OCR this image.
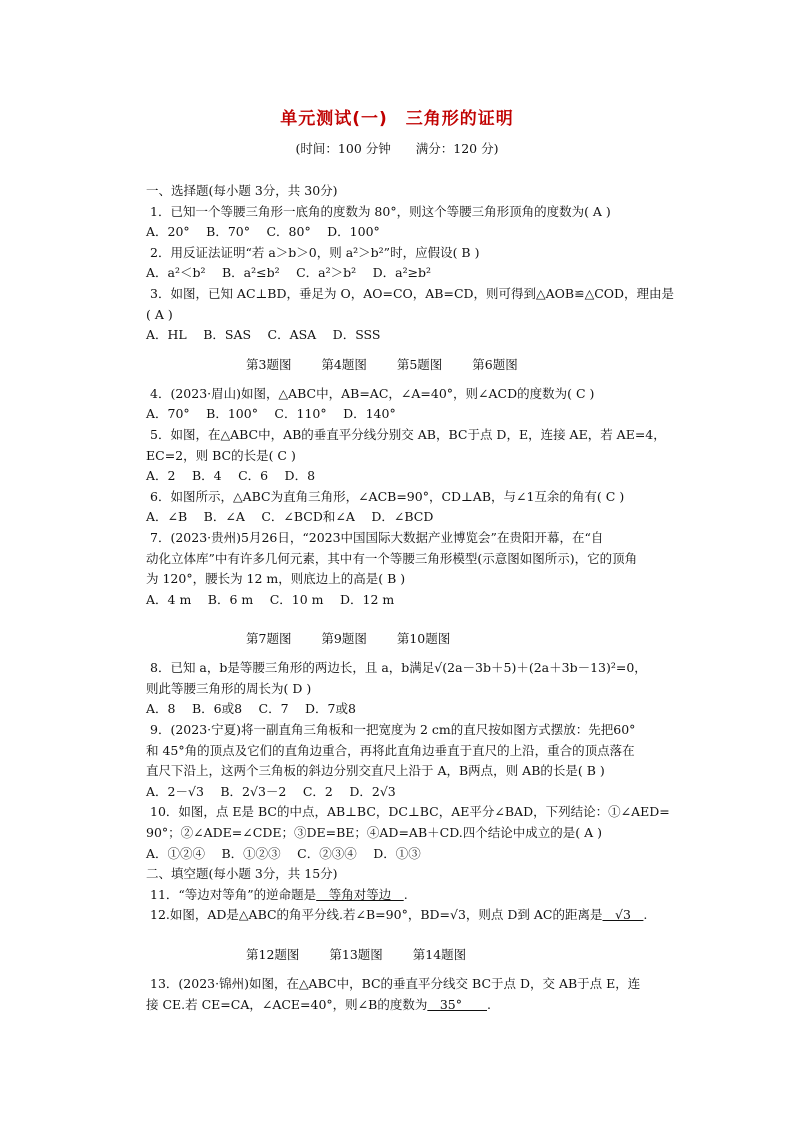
单元测试(一)　三角形的证明
(时间：100 分钟　　满分：120 分)
一、选择题(每小题 3分，共 30分)
1．已知一个等腰三角形一底角的度数为 80°，则这个等腰三角形顶角的度数为( A )
A．20°　 B．70°　 C．80°　 D．100°
2．用反证法证明“若 a＞b＞0，则 a²＞b²”时，应假设( B )
A．a²＜b²　 B．a²≤b²　 C．a²＞b²　 D．a²≥b²
3．如图，已知 AC⊥BD，垂足为 O，AO=CO，AB=CD，则可得到△AOB≌△COD，理由是
( A )
A．HL　 B．SAS　 C．ASA　 D．SSS
第3题图 第4题图 第5题图 第6题图
4．(2023·眉山)如图，△ABC中，AB=AC，∠A=40°，则∠ACD的度数为( C )
A．70°　 B．100°　 C．110°　 D．140°
5．如图，在△ABC中，AB的垂直平分线分别交 AB，BC于点 D，E，连接 AE，若 AE=4，
EC=2，则 BC的长是( C )
A．2　 B．4　 C．6　 D．8
6．如图所示，△ABC为直角三角形，∠ACB=90°，CD⊥AB，与∠1互余的角有( C )
A．∠B　 B．∠A　 C．∠BCD和∠A　 D．∠BCD
7．(2023·贵州)5月26日，“2023中国国际大数据产业博览会”在贵阳开幕，在“自
动化立体库”中有许多几何元素，其中有一个等腰三角形模型(示意图如图所示)，它的顶角
为 120°，腰长为 12 m，则底边上的高是( B )
A．4 m　 B．6 m　 C．10 m　 D．12 m
第7题图 第9题图 第10题图
8．已知 a，b是等腰三角形的两边长，且 a，b满足√(2a－3b＋5)＋(2a＋3b－13)²=0，
则此等腰三角形的周长为( D )
A．8　 B．6或8　 C．7　 D．7或8
9．(2023·宁夏)将一副直角三角板和一把宽度为 2 cm的直尺按如图方式摆放：先把60°
和 45°角的顶点及它们的直角边重合，再将此直角边垂直于直尺的上沿，重合的顶点落在
直尺下沿上，这两个三角板的斜边分别交直尺上沿于 A，B两点，则 AB的长是( B )
A．2－√3　 B．2√3－2　 C．2　 D．2√3
10．如图，点 E是 BC的中点，AB⊥BC，DC⊥BC，AE平分∠BAD，下列结论：①∠AED=
90°；②∠ADE=∠CDE；③DE=BE；④AD=AB＋CD.四个结论中成立的是( A )
A．①②④　 B．①②③　 C．②③④　 D．①③
二、填空题(每小题 3分，共 15分)
11．“等边对等角”的逆命题是　等角对等边　.
12.如图，AD是△ABC的角平分线.若∠B=90°，BD=√3，则点 D到 AC的距离是　√3　.
第12题图 第13题图 第14题图
13．(2023·锦州)如图，在△ABC中，BC的垂直平分线交 BC于点 D，交 AB于点 E，连
接 CE.若 CE=CA，∠ACE=40°，则∠B的度数为　35°　　.
